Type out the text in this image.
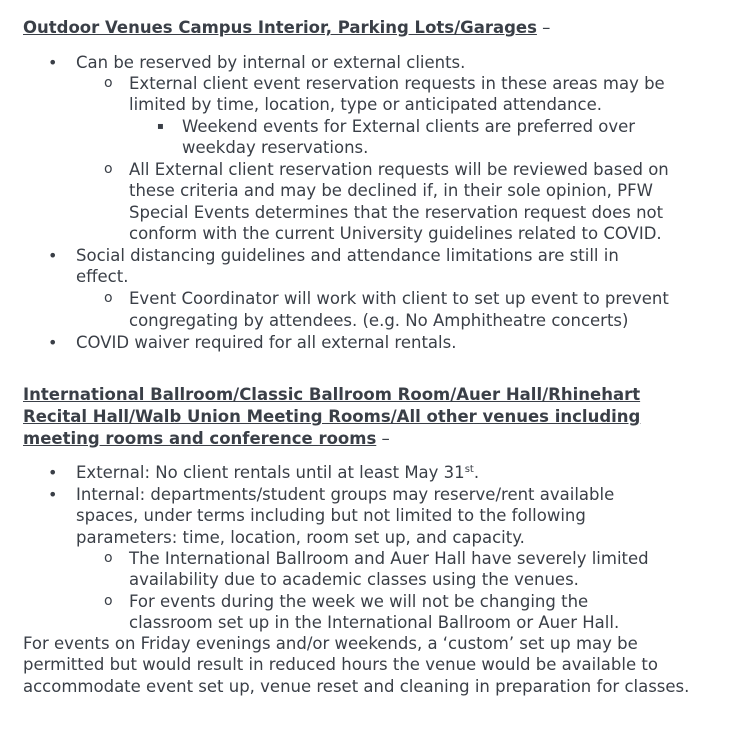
Outdoor Venues Campus Interior, Parking Lots/Garages –
• Can be reserved by internal or external clients.
o External client event reservation requests in these areas may be
limited by time, location, type or anticipated attendance.
▪ Weekend events for External clients are preferred over
weekday reservations.
o All External client reservation requests will be reviewed based on
these criteria and may be declined if, in their sole opinion, PFW
Special Events determines that the reservation request does not
conform with the current University guidelines related to COVID.
• Social distancing guidelines and attendance limitations are still in
effect.
o Event Coordinator will work with client to set up event to prevent
congregating by attendees. (e.g. No Amphitheatre concerts)
• COVID waiver required for all external rentals.
International Ballroom/Classic Ballroom Room/Auer Hall/Rhinehart
Recital Hall/Walb Union Meeting Rooms/All other venues including
meeting rooms and conference rooms –
• External: No client rentals until at least May 31st.
• Internal: departments/student groups may reserve/rent available
spaces, under terms including but not limited to the following
parameters: time, location, room set up, and capacity.
o The International Ballroom and Auer Hall have severely limited
availability due to academic classes using the venues.
o For events during the week we will not be changing the
classroom set up in the International Ballroom or Auer Hall.
For events on Friday evenings and/or weekends, a ‘custom’ set up may be
permitted but would result in reduced hours the venue would be available to
accommodate event set up, venue reset and cleaning in preparation for classes.
